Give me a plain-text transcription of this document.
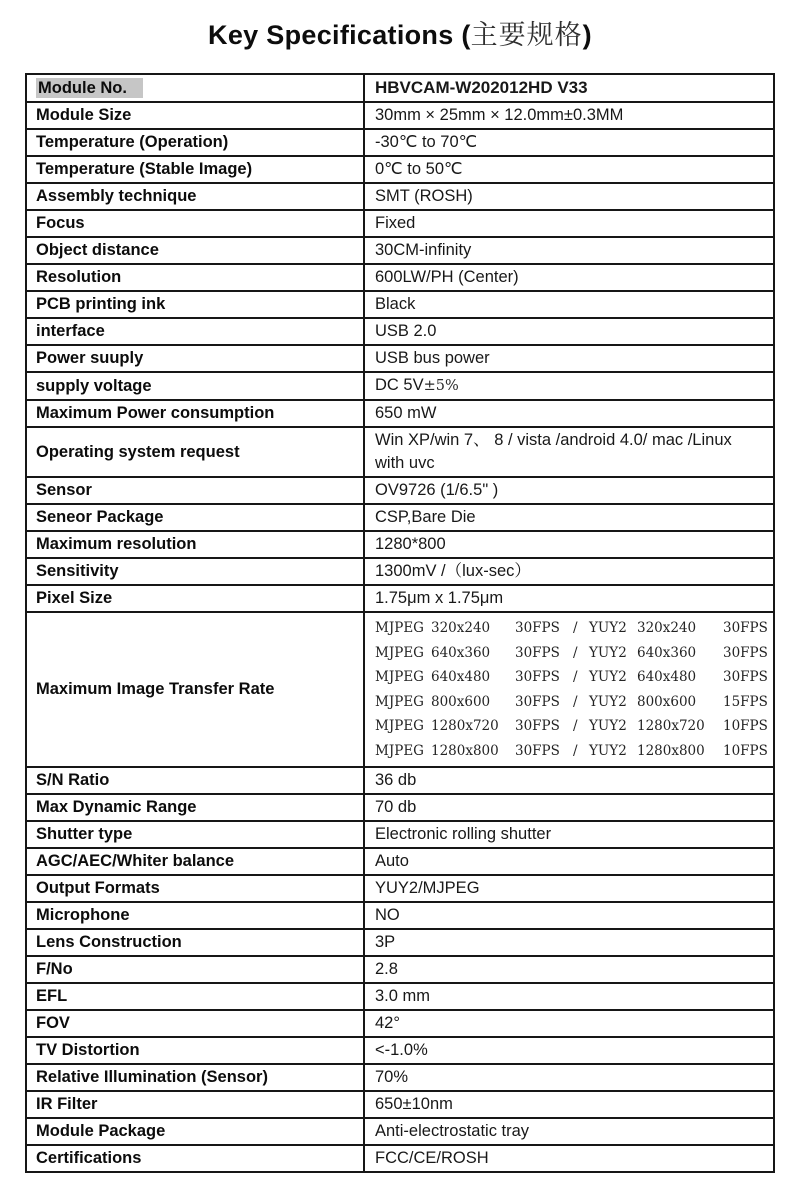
Key Specifications (主要规格)
Module No.	HBVCAM-W202012HD V33
Module Size	30mm × 25mm × 12.0mm±0.3MM
Temperature (Operation)	-30℃ to 70℃
Temperature (Stable Image)	0℃ to 50℃
Assembly technique	SMT (ROSH)
Focus	Fixed
Object distance	30CM-infinity
Resolution	600LW/PH (Center)
PCB printing ink	Black
interface	USB 2.0
Power suuply	USB bus power
supply voltage	DC 5V±5%
Maximum Power consumption	650 mW
Operating system request	Win XP/win 7、 8 / vista /android 4.0/ mac /Linux
with uvc

Sensor	OV9726 (1/6.5" )
Seneor Package	CSP,Bare Die
Maximum resolution	1280*800
Sensitivity	1300mV /（lux-sec）
Pixel Size	1.75μm x 1.75μm
Maximum Image Transfer Rate	
MJPEG 320x240	30FPS / YUY2 320x240	30FPS
MJPEG 640x360	30FPS / YUY2 640x360	30FPS
MJPEG 640x480	30FPS / YUY2 640x480	30FPS
MJPEG 800x600	30FPS / YUY2 800x600	15FPS
MJPEG 1280x720	30FPS / YUY2 1280x720	10FPS
MJPEG 1280x800	30FPS / YUY2 1280x800	10FPS

S/N Ratio	36 db
Max Dynamic Range	70 db
Shutter type	Electronic rolling shutter
AGC/AEC/Whiter balance	Auto
Output Formats	YUY2/MJPEG
Microphone	NO
Lens Construction	3P
F/No	2.8
EFL	3.0 mm
FOV	42°
TV Distortion	<-1.0%
Relative Illumination (Sensor)	70%
IR Filter	650±10nm
Module Package	Anti-electrostatic tray
Certifications	FCC/CE/ROSH
